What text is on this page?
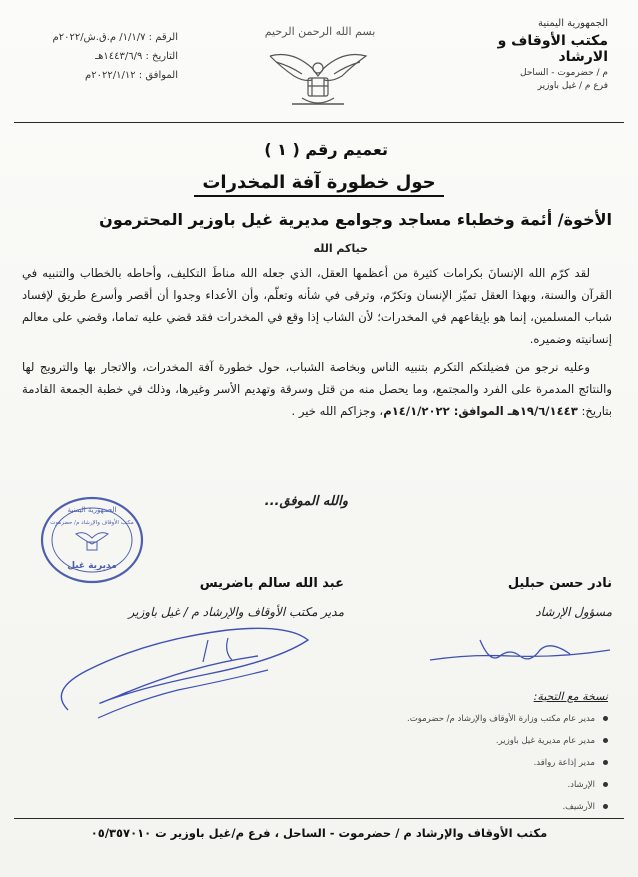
الجمهورية اليمنية
مكتب الأوقاف و الارشاد
م / حضرموت - الساحل
فرع م / غيل باوزير
بسم الله الرحمن الرحيم
الرقم : ١/١/٧/ م.ق.ش/٢٠٢٢م
التاريخ : ١٤٤٣/٦/٩هـ
الموافق : ٢٠٢٢/١/١٢م
تعميم رقم ( ١ )
حول خطورة آفة المخدرات
الأخوة/ أئمة وخطباء مساجد وجوامع مديرية غيل باوزير المحترمون
حياكم الله

لقد كرّم الله الإنسانَ بكرامات كثيرة من أعظمها العقل، الذي جعله الله مناطَ التكليف، وأحاطه بالخطاب والتنبيه في القرآن والسنة، وبهذا العقل تميّز الإنسان وتكرّم، وترقى في شأنه وتعلّم، وأن الأعداء وجدوا أن أقصر وأسرع طريق لإفساد شباب المسلمين، إنما هو بإيقاعهم في المخدرات؛ لأن الشاب إذا وقع في المخدرات فقد قضي عليه تماما، وقضي على معالم إنسانيته وضميره.

وعليه نرجو من فضيلتكم التكرم بتنبيه الناس وبخاصة الشباب، حول خطورة آفة المخدرات، والاتجار بها والترويج لها والنتائج المدمرة على الفرد والمجتمع، وما يحصل منه من قتل وسرقة وتهديم الأسر وغيرها، وذلك في خطبة الجمعة القادمة بتاريخ: ١٩/٦/١٤٤٣هـ الموافق: ١٤/١/٢٠٢٢م، وجزاكم الله خير .

والله الموفق...
الجمهورية اليمنية
مكتب الأوقاف والإرشاد م/ حضرموت
مديرية غيل
نادر حسن حبليل
مسؤول الإرشاد
عبد الله سالم باضريس
مدير مكتب الأوقاف والإرشاد م / غيل باوزير
نسخة مع التحية:
مدير عام مكتب وزارة الأوقاف والإرشاد م/ حضرموت.
مدير عام مديرية غيل باوزير.
مدير إذاعة روافد.
الإرشاد.
الأرشيف.
مكتب الأوقاف والإرشاد م / حضرموت - الساحل ، فرع م/غيل باوزير ت ٠٥/٣٥٧٠١٠
